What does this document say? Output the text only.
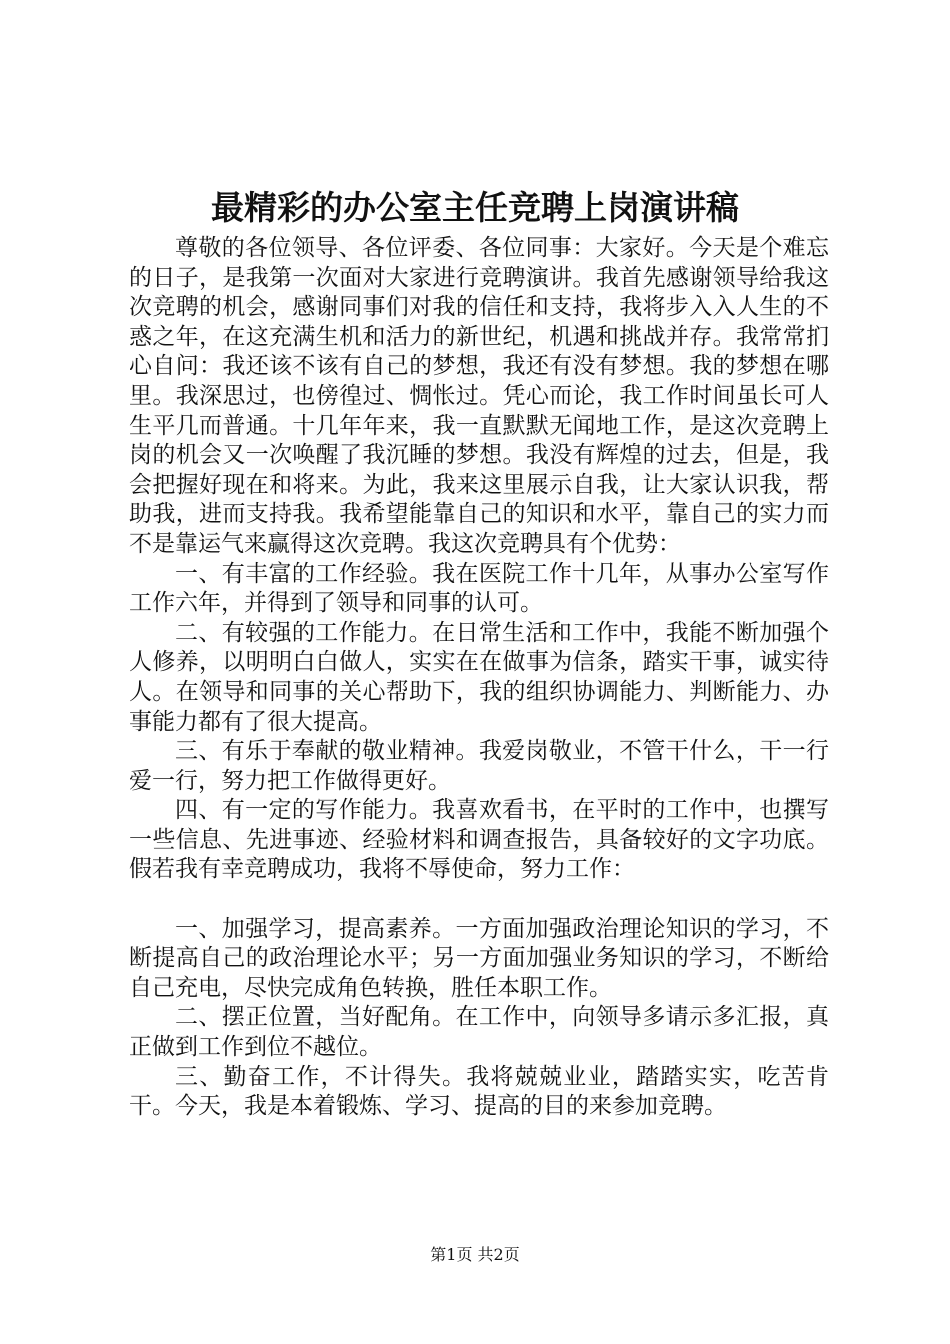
最精彩的办公室主任竞聘上岗演讲稿

尊敬的各位领导、各位评委、各位同事：大家好。今天是个难忘的日子，是我第一次面对大家进行竞聘演讲。我首先感谢领导给我这次竞聘的机会，感谢同事们对我的信任和支持，我将步入入人生的不惑之年，在这充满生机和活力的新世纪，机遇和挑战并存。我常常扪心自问：我还该不该有自己的梦想，我还有没有梦想。我的梦想在哪里。我深思过，也傍徨过、惆怅过。凭心而论，我工作时间虽长可人生平几而普通。十几年年来，我一直默默无闻地工作，是这次竞聘上岗的机会又一次唤醒了我沉睡的梦想。我没有辉煌的过去，但是，我会把握好现在和将来。为此，我来这里展示自我，让大家认识我，帮助我，进而支持我。我希望能靠自己的知识和水平，靠自己的实力而不是靠运气来赢得这次竞聘。我这次竞聘具有个优势：

一、有丰富的工作经验。我在医院工作十几年，从事办公室写作工作六年，并得到了领导和同事的认可。

二、有较强的工作能力。在日常生活和工作中，我能不断加强个人修养，以明明白白做人，实实在在做事为信条，踏实干事，诚实待人。在领导和同事的关心帮助下，我的组织协调能力、判断能力、办事能力都有了很大提高。

三、有乐于奉献的敬业精神。我爱岗敬业，不管干什么，干一行爱一行，努力把工作做得更好。

四、有一定的写作能力。我喜欢看书，在平时的工作中，也撰写一些信息、先进事迹、经验材料和调查报告，具备较好的文字功底。假若我有幸竞聘成功，我将不辱使命，努力工作：

一、加强学习，提高素养。一方面加强政治理论知识的学习，不断提高自己的政治理论水平；另一方面加强业务知识的学习，不断给自己充电，尽快完成角色转换，胜任本职工作。

二、摆正位置，当好配角。在工作中，向领导多请示多汇报，真正做到工作到位不越位。

三、勤奋工作，不计得失。我将兢兢业业，踏踏实实，吃苦肯干。今天，我是本着锻炼、学习、提高的目的来参加竞聘。

第1页 共2页
